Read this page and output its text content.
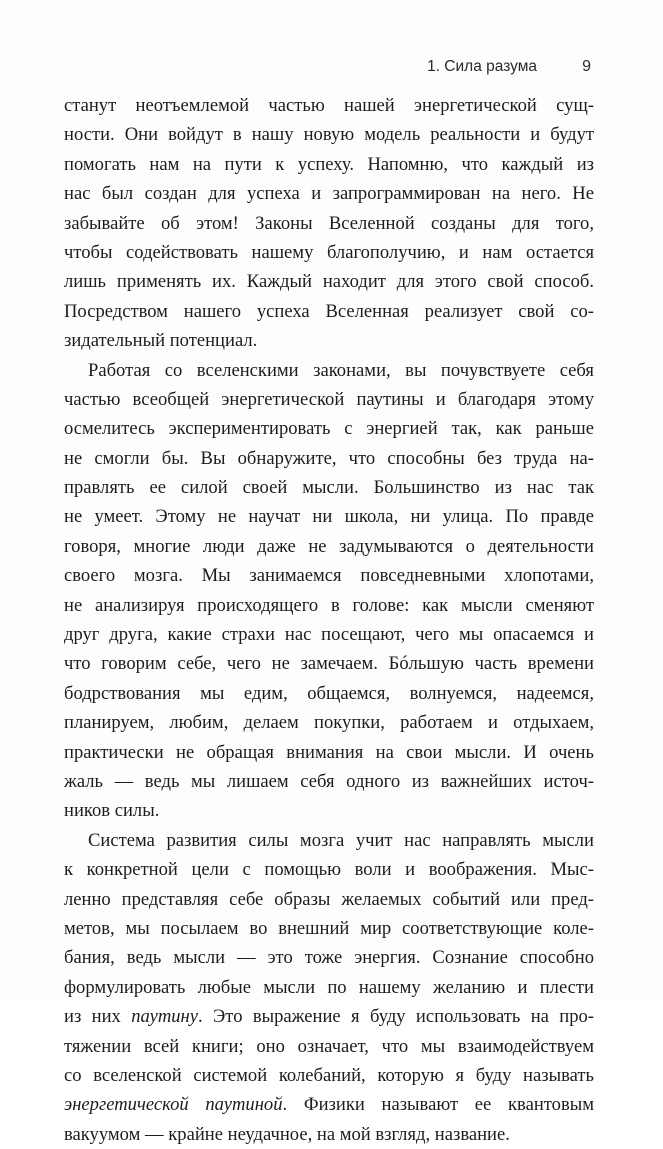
1. Сила разума	9
станут неотъемлемой частью нашей энергетической сущ-
ности. Они войдут в нашу новую модель реальности и будут
помогать нам на пути к успеху. Напомню, что каждый из
нас был создан для успеха и запрограммирован на него. Не
забывайте об этом! Законы Вселенной созданы для того,
чтобы содействовать нашему благополучию, и нам остается
лишь применять их. Каждый находит для этого свой способ.
Посредством нашего успеха Вселенная реализует свой со-
зидательный потенциал.
Работая со вселенскими законами, вы почувствуете себя
частью всеобщей энергетической паутины и благодаря этому
осмелитесь экспериментировать с энергией так, как раньше
не смогли бы. Вы обнаружите, что способны без труда на-
правлять ее силой своей мысли. Большинство из нас так
не умеет. Этому не научат ни школа, ни улица. По правде
говоря, многие люди даже не задумываются о деятельности
своего мозга. Мы занимаемся повседневными хлопотами,
не анализируя происходящего в голове: как мысли сменяют
друг друга, какие страхи нас посещают, чего мы опасаемся и
что говорим себе, чего не замечаем. Бóльшую часть времени
бодрствования мы едим, общаемся, волнуемся, надеемся,
планируем, любим, делаем покупки, работаем и отдыхаем,
практически не обращая внимания на свои мысли. И очень
жаль — ведь мы лишаем себя одного из важнейших источ-
ников силы.
Система развития силы мозга учит нас направлять мысли
к конкретной цели с помощью воли и воображения. Мыс-
ленно представляя себе образы желаемых событий или пред-
метов, мы посылаем во внешний мир соответствующие коле-
бания, ведь мысли — это тоже энергия. Сознание способно
формулировать любые мысли по нашему желанию и плести
из них паутину. Это выражение я буду использовать на про-
тяжении всей книги; оно означает, что мы взаимодействуем
со вселенской системой колебаний, которую я буду называть
энергетической паутиной. Физики называют ее квантовым
вакуумом — крайне неудачное, на мой взгляд, название.
